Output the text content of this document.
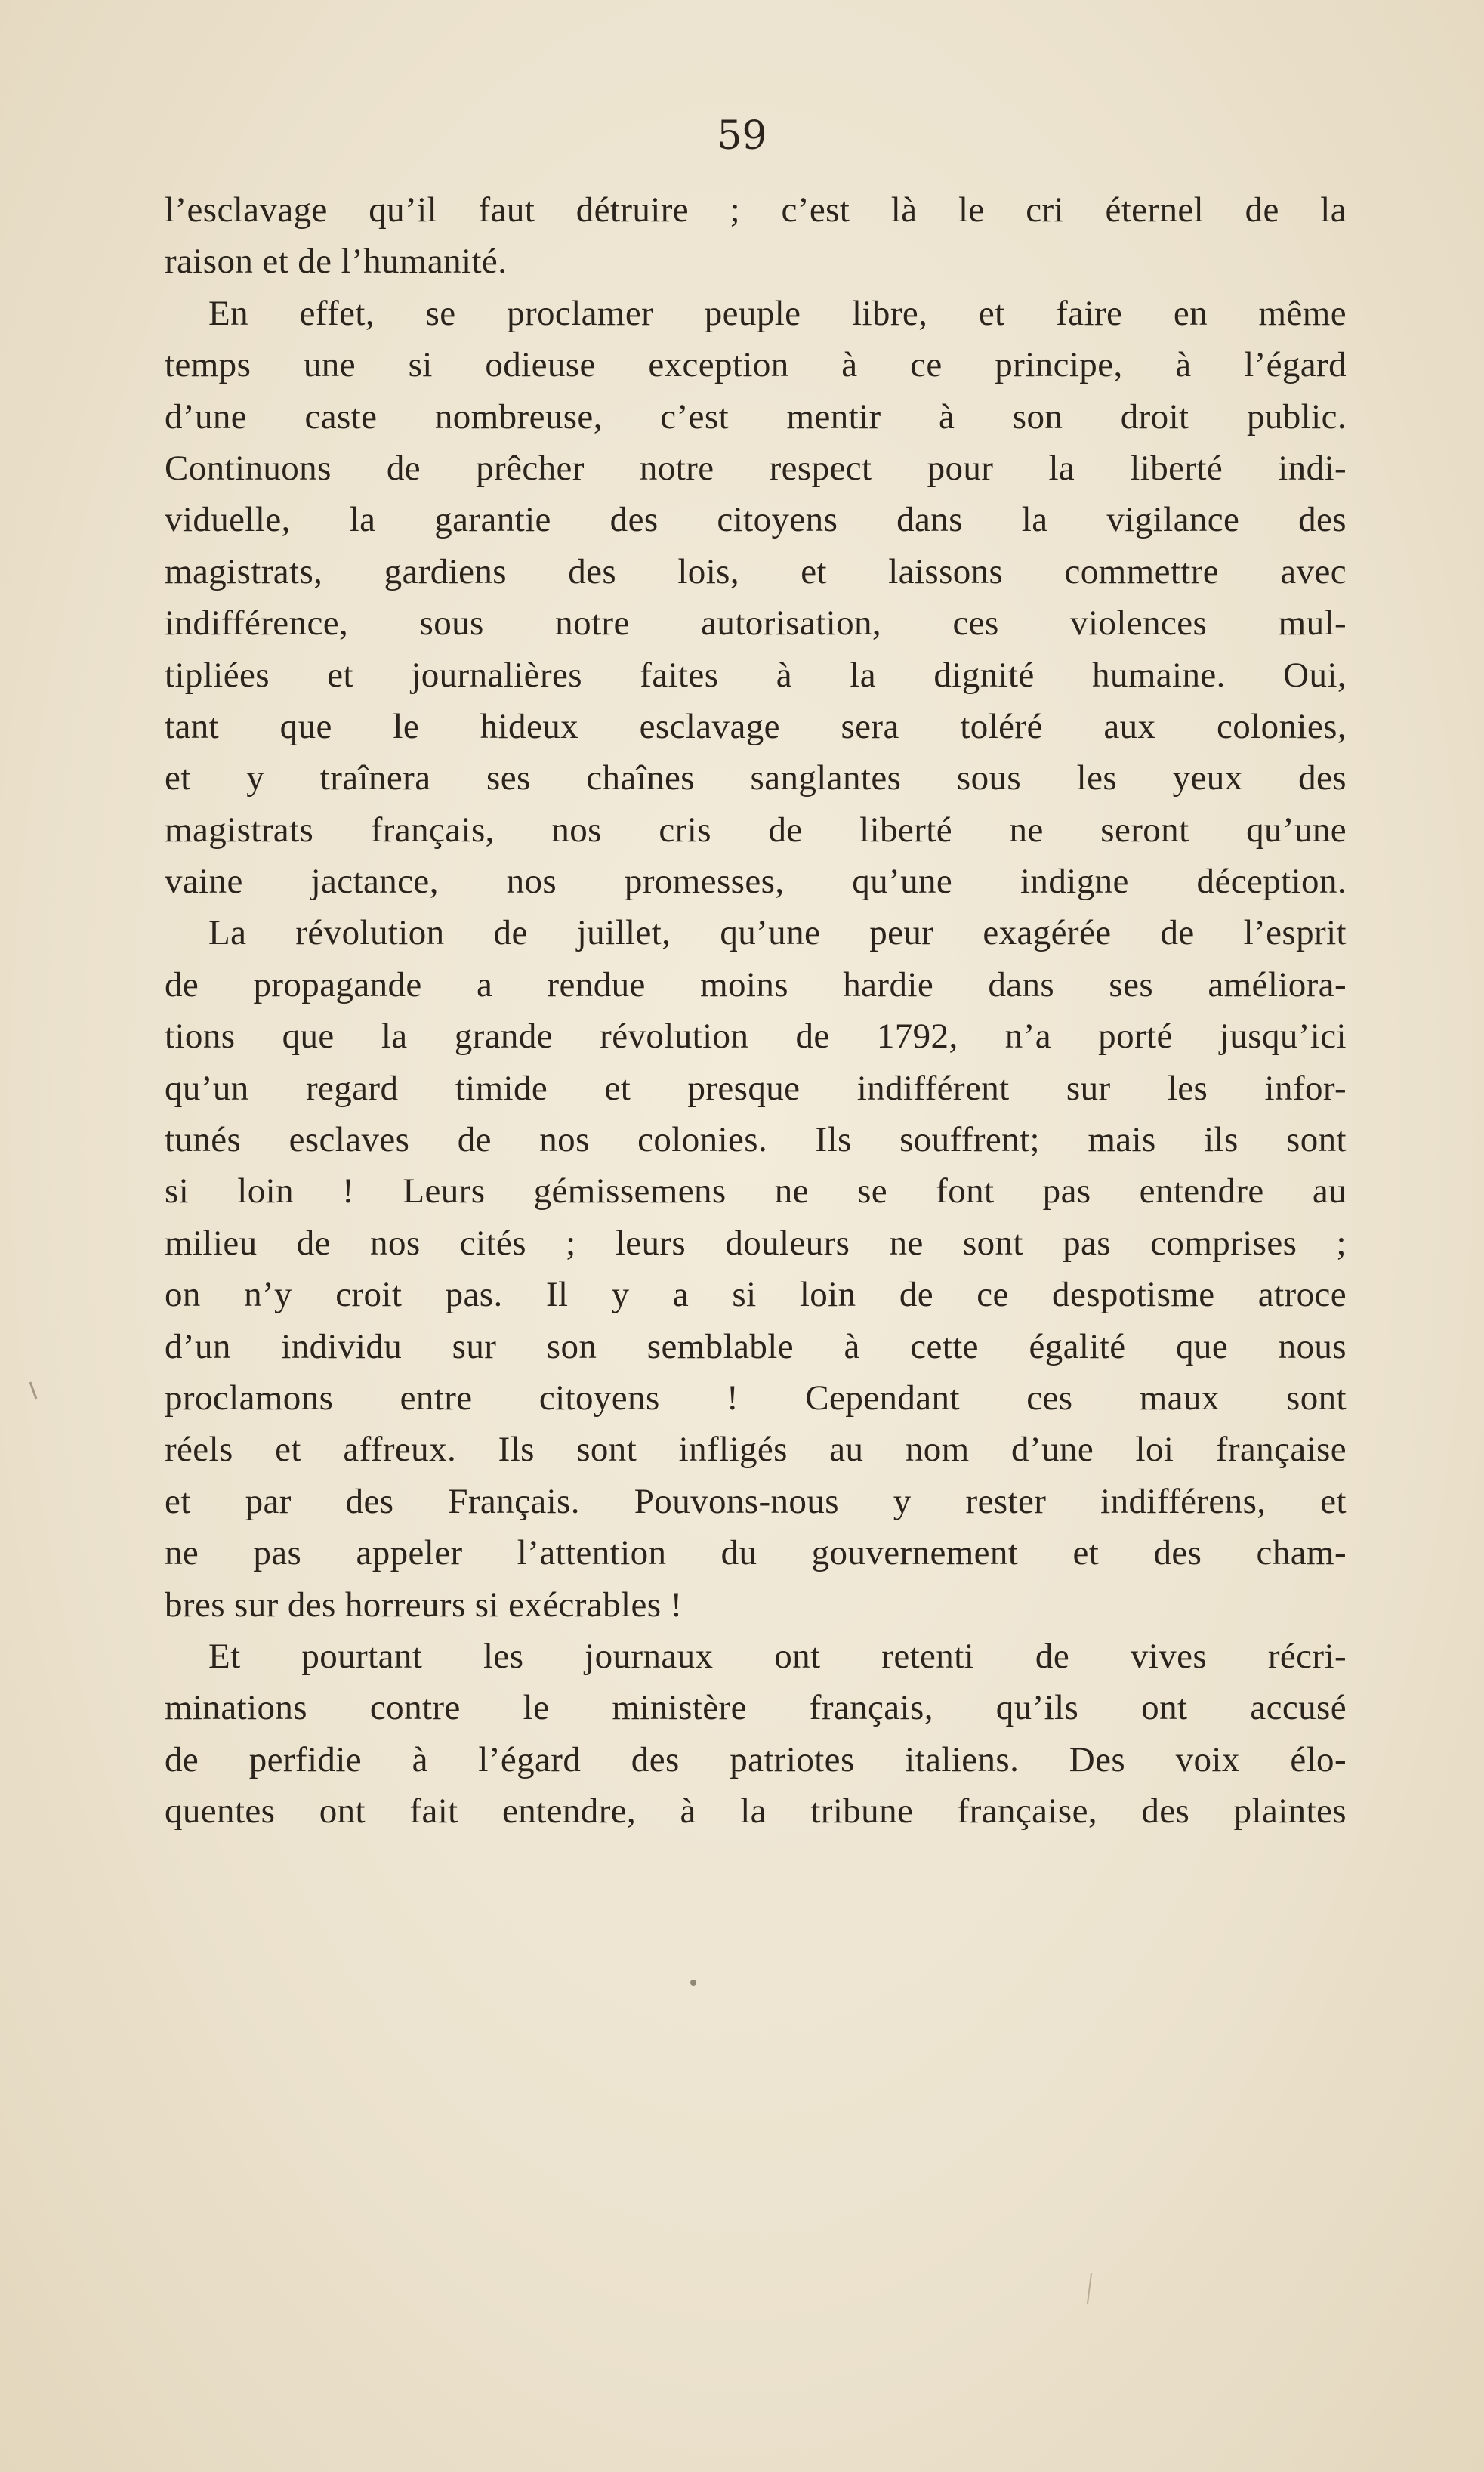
59

l’esclavage qu’il faut détruire ; c’est là le cri éternel de la

raison et de l’humanité.

En effet, se proclamer peuple libre, et faire en même

temps une si odieuse exception à ce principe, à l’égard

d’une caste nombreuse, c’est mentir à son droit public.

Continuons de prêcher notre respect pour la liberté indi-

viduelle, la garantie des citoyens dans la vigilance des

magistrats, gardiens des lois, et laissons commettre avec

indifférence, sous notre autorisation, ces violences mul-

tipliées et journalières faites à la dignité humaine. Oui,

tant que le hideux esclavage sera toléré aux colonies,

et y traînera ses chaînes sanglantes sous les yeux des

magistrats français, nos cris de liberté ne seront qu’une

vaine jactance, nos promesses, qu’une indigne déception.

La révolution de juillet, qu’une peur exagérée de l’esprit

de propagande a rendue moins hardie dans ses améliora-

tions que la grande révolution de 1792, n’a porté jusqu’ici

qu’un regard timide et presque indifférent sur les infor-

tunés esclaves de nos colonies. Ils souffrent; mais ils sont

si loin ! Leurs gémissemens ne se font pas entendre au

milieu de nos cités ; leurs douleurs ne sont pas comprises ;

on n’y croit pas. Il y a si loin de ce despotisme atroce

d’un individu sur son semblable à cette égalité que nous

proclamons entre citoyens ! Cependant ces maux sont

réels et affreux. Ils sont infligés au nom d’une loi française

et par des Français. Pouvons-nous y rester indifférens, et

ne pas appeler l’attention du gouvernement et des cham-

bres sur des horreurs si exécrables !

Et pourtant les journaux ont retenti de vives récri-

minations contre le ministère français, qu’ils ont accusé

de perfidie à l’égard des patriotes italiens. Des voix élo-

quentes ont fait entendre, à la tribune française, des plaintes
